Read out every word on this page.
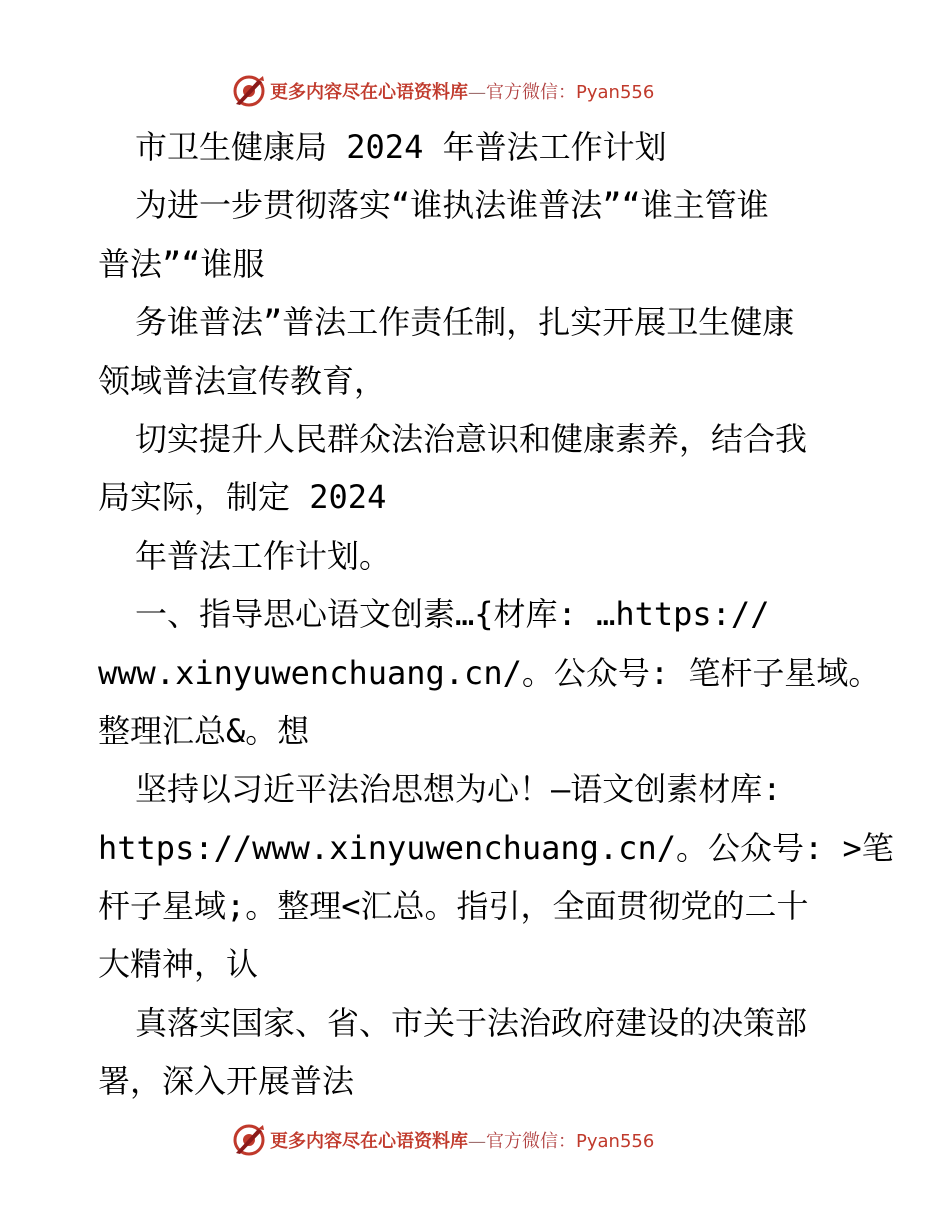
更多内容尽在心语资料库—官方微信：Pyan556
市卫生健康局 2024 年普法工作计划
为进一步贯彻落实“谁执法谁普法”“谁主管谁
普法”“谁服
务谁普法”普法工作责任制，扎实开展卫生健康
领域普法宣传教育，
切实提升人民群众法治意识和健康素养，结合我
局实际，制定 2024
年普法工作计划。
一、指导思心语文创素…{材库: …https://
www.xinyuwenchuang.cn/。公众号: 笔杆子星域。
整理汇总&。想
坚持以习近平法治思想为心！—语文创素材库:
https://www.xinyuwenchuang.cn/。公众号: >笔
杆子星域;。整理<汇总。指引，全面贯彻党的二十
大精神，认
真落实国家、省、市关于法治政府建设的决策部
署，深入开展普法
更多内容尽在心语资料库—官方微信：Pyan556
